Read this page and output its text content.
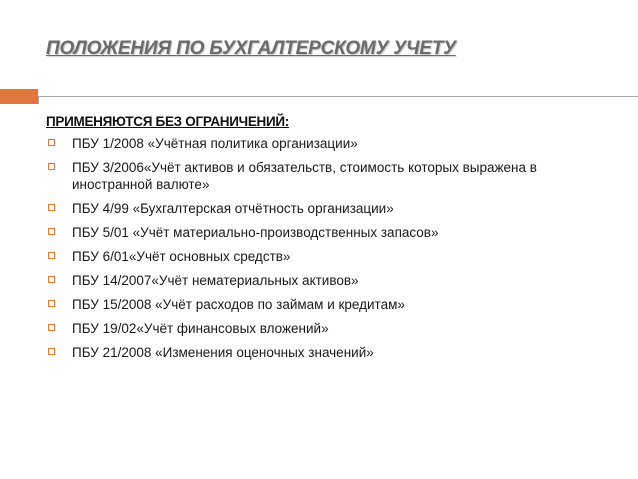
ПОЛОЖЕНИЯ ПО БУХГАЛТЕРСКОМУ УЧЕТУ
ПРИМЕНЯЮТСЯ БЕЗ ОГРАНИЧЕНИЙ:
ПБУ 1/2008 «Учётная политика организации»
ПБУ 3/2006«Учёт активов и обязательств, стоимость которых выражена в иностранной валюте»
ПБУ 4/99 «Бухгалтерская отчётность организации»
ПБУ 5/01 «Учёт материально-производственных запасов»
ПБУ 6/01«Учёт основных средств»
ПБУ 14/2007«Учёт нематериальных активов»
ПБУ 15/2008 «Учёт расходов по займам и кредитам»
ПБУ 19/02«Учёт финансовых вложений»
ПБУ 21/2008 «Изменения оценочных значений»
